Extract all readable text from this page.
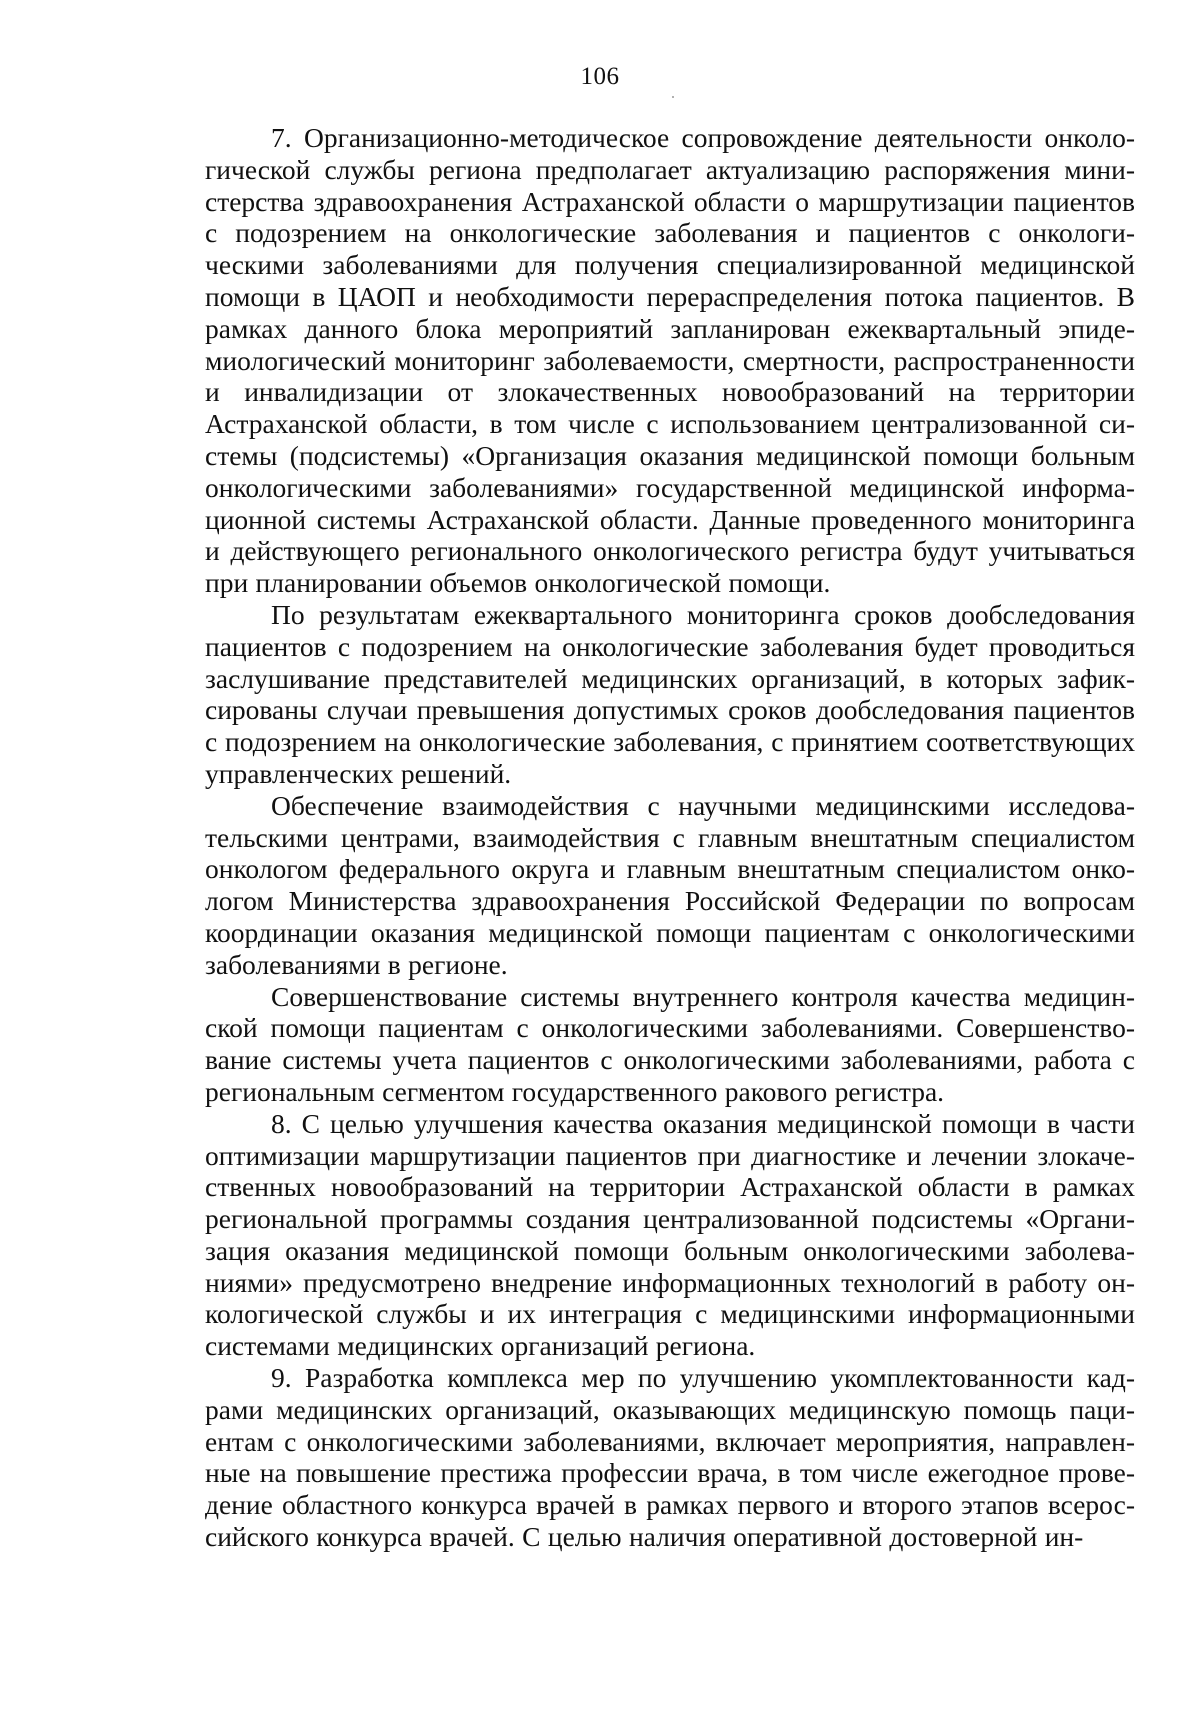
106

7. Организационно-методическое сопровождение деятельности онкологической службы региона предполагает актуализацию распоряжения министерства здравоохранения Астраханской области о маршрутизации пациентов с подозрением на онкологические заболевания и пациентов с онкологическими заболеваниями для получения специализированной медицинской помощи в ЦАОП и необходимости перераспределения потока пациентов. В рамках данного блока мероприятий запланирован ежеквартальный эпидемиологический мониторинг заболеваемости, смертности, распространенности и инвалидизации от злокачественных новообразований на территории Астраханской области, в том числе с использованием централизованной системы (подсистемы) «Организация оказания медицинской помощи больным онкологическими заболеваниями» государственной медицинской информационной системы Астраханской области. Данные проведенного мониторинга и действующего регионального онкологического регистра будут учитываться при планировании объемов онкологической помощи.

По результатам ежеквартального мониторинга сроков дообследования пациентов с подозрением на онкологические заболевания будет проводиться заслушивание представителей медицинских организаций, в которых зафиксированы случаи превышения допустимых сроков дообследования пациентов с подозрением на онкологические заболевания, с принятием соответствующих управленческих решений.

Обеспечение взаимодействия с научными медицинскими исследовательскими центрами, взаимодействия с главным внештатным специалистом онкологом федерального округа и главным внештатным специалистом онкологом Министерства здравоохранения Российской Федерации по вопросам координации оказания медицинской помощи пациентам с онкологическими заболеваниями в регионе.

Совершенствование системы внутреннего контроля качества медицинской помощи пациентам с онкологическими заболеваниями. Совершенствование системы учета пациентов с онкологическими заболеваниями, работа с региональным сегментом государственного ракового регистра.

8. С целью улучшения качества оказания медицинской помощи в части оптимизации маршрутизации пациентов при диагностике и лечении злокачественных новообразований на территории Астраханской области в рамках региональной программы создания централизованной подсистемы «Организация оказания медицинской помощи больным онкологическими заболеваниями» предусмотрено внедрение информационных технологий в работу онкологической службы и их интеграция с медицинскими информационными системами медицинских организаций региона.

9. Разработка комплекса мер по улучшению укомплектованности кадрами медицинских организаций, оказывающих медицинскую помощь пациентам с онкологическими заболеваниями, включает мероприятия, направленные на повышение престижа профессии врача, в том числе ежегодное проведение областного конкурса врачей в рамках первого и второго этапов всероссийского конкурса врачей. С целью наличия оперативной достоверной ин-
